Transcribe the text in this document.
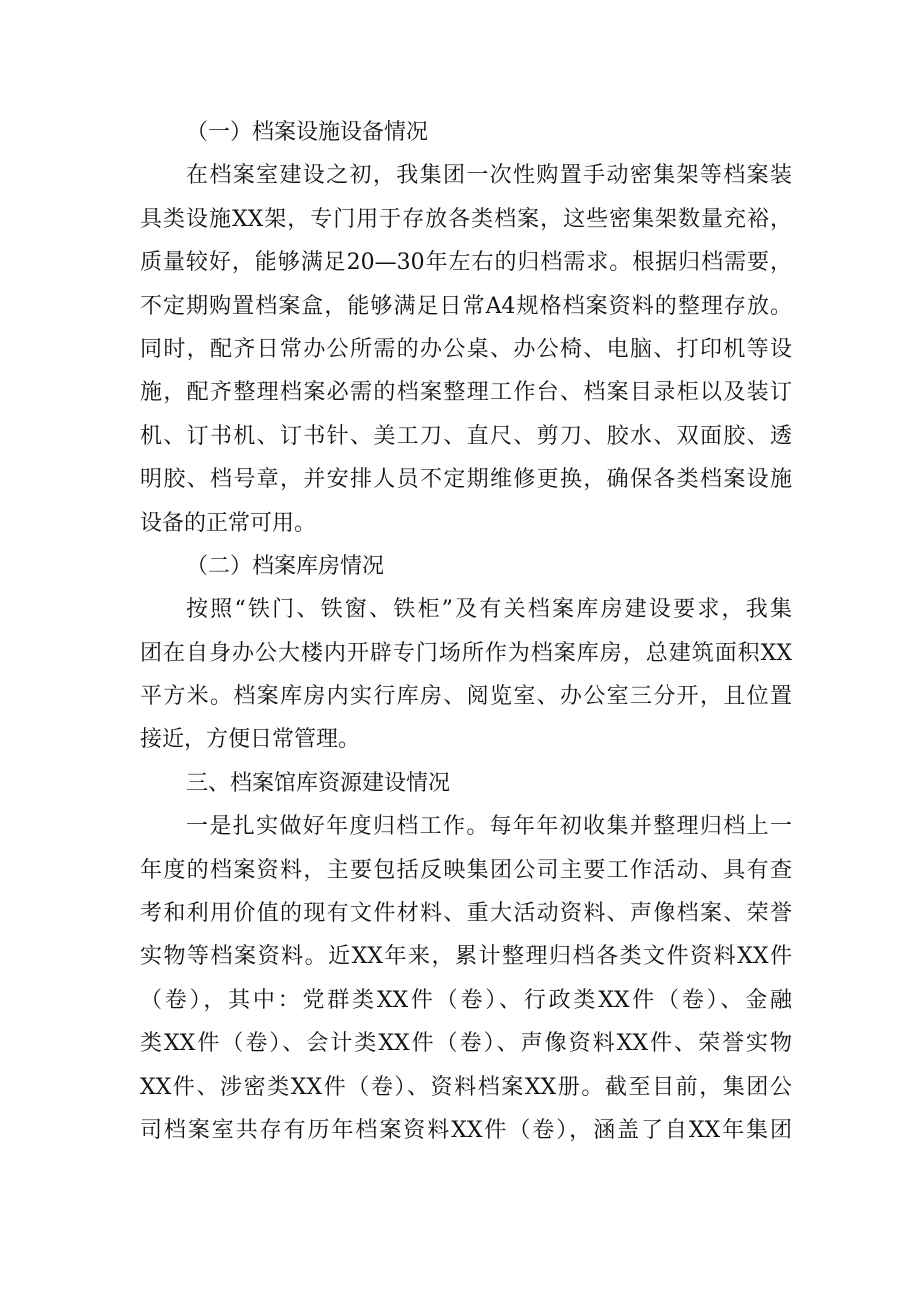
（一）档案设施设备情况
在档案室建设之初，我集团一次性购置手动密集架等档案装
具类设施XX架，专门用于存放各类档案，这些密集架数量充裕，
质量较好，能够满足20—30年左右的归档需求。根据归档需要，
不定期购置档案盒，能够满足日常A4规格档案资料的整理存放。
同时，配齐日常办公所需的办公桌、办公椅、电脑、打印机等设
施，配齐整理档案必需的档案整理工作台、档案目录柜以及装订
机、订书机、订书针、美工刀、直尺、剪刀、胶水、双面胶、透
明胶、档号章，并安排人员不定期维修更换，确保各类档案设施
设备的正常可用。
（二）档案库房情况
按照“铁门、铁窗、铁柜”及有关档案库房建设要求，我集
团在自身办公大楼内开辟专门场所作为档案库房，总建筑面积XX
平方米。档案库房内实行库房、阅览室、办公室三分开，且位置
接近，方便日常管理。
三、档案馆库资源建设情况
一是扎实做好年度归档工作。每年年初收集并整理归档上一
年度的档案资料，主要包括反映集团公司主要工作活动、具有查
考和利用价值的现有文件材料、重大活动资料、声像档案、荣誉
实物等档案资料。近XX年来，累计整理归档各类文件资料XX件
（卷），其中：党群类XX件（卷）、行政类XX件（卷）、金融
类XX件（卷）、会计类XX件（卷）、声像资料XX件、荣誉实物
XX件、涉密类XX件（卷）、资料档案XX册。截至目前，集团公
司档案室共存有历年档案资料XX件（卷），涵盖了自XX年集团
